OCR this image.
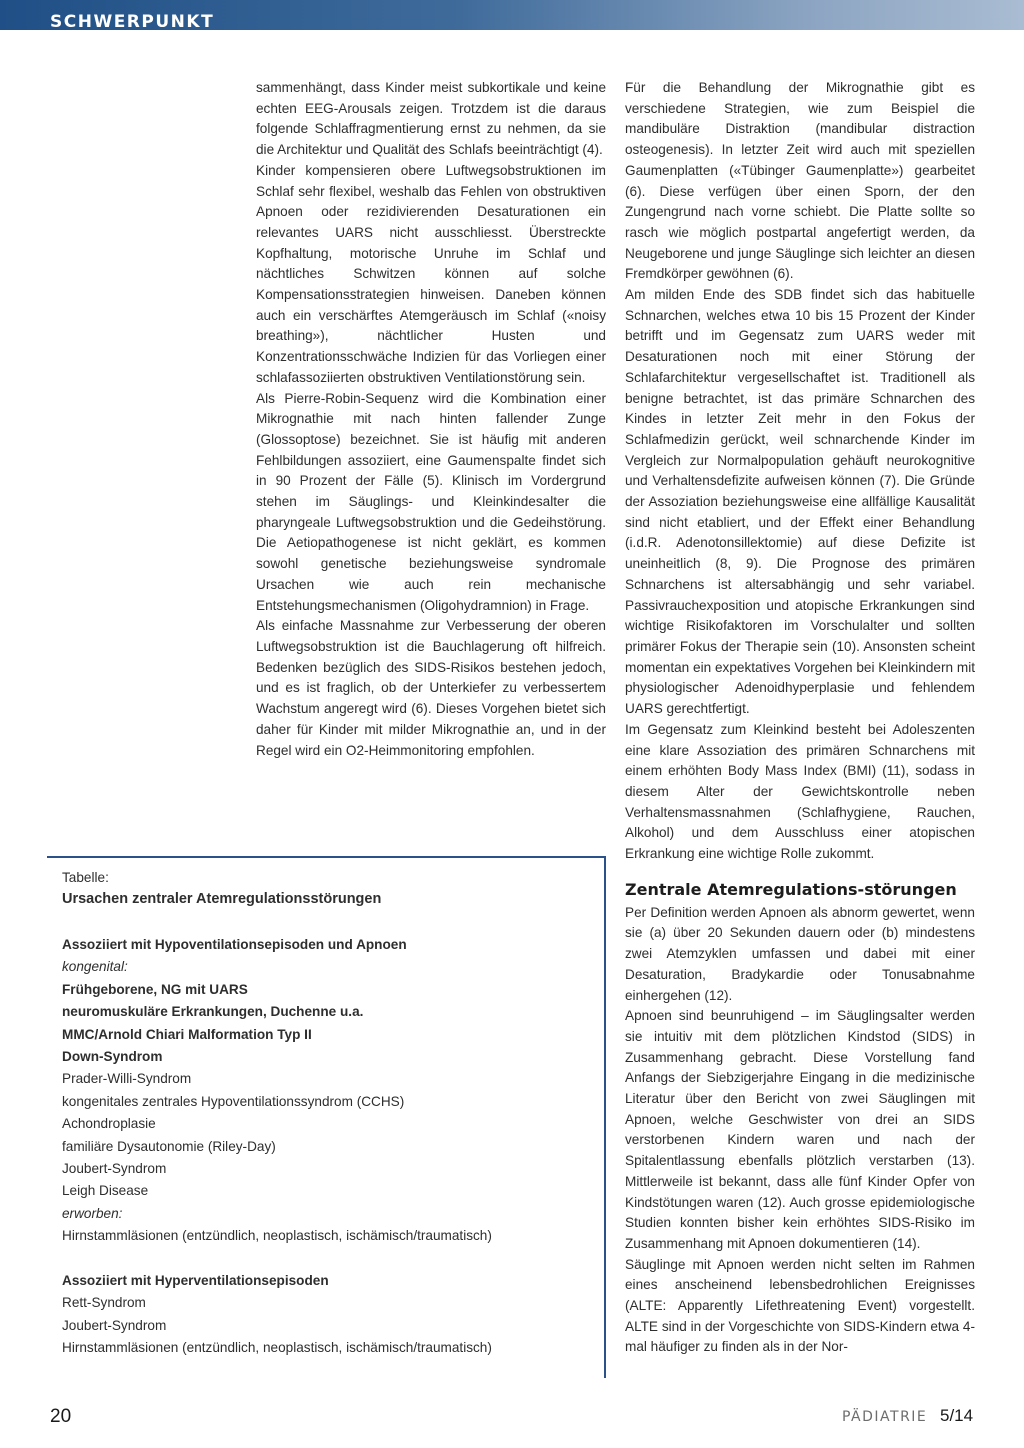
SCHWERPUNKT

sammenhängt, dass Kinder meist subkortikale und keine echten EEG-Arousals zeigen. Trotzdem ist die daraus folgende Schlaffragmentierung ernst zu nehmen, da sie die Architektur und Qualität des Schlafs beeinträchtigt (4).

Kinder kompensieren obere Luftwegsobstruktionen im Schlaf sehr flexibel, weshalb das Fehlen von obstruktiven Apnoen oder rezidivierenden Desaturationen ein relevantes UARS nicht ausschliesst. Überstreckte Kopfhaltung, motorische Unruhe im Schlaf und nächtliches Schwitzen können auf solche Kompensationsstrategien hinweisen. Daneben können auch ein verschärftes Atemgeräusch im Schlaf («noisy breathing»), nächtlicher Husten und Konzentrationsschwäche Indizien für das Vorliegen einer schlafassoziierten obstruktiven Ventilationstörung sein.

Als Pierre-Robin-Sequenz wird die Kombination einer Mikrognathie mit nach hinten fallender Zunge (Glossoptose) bezeichnet. Sie ist häufig mit anderen Fehlbildungen assoziiert, eine Gaumenspalte findet sich in 90 Prozent der Fälle (5). Klinisch im Vordergrund stehen im Säuglings- und Kleinkindesalter die pharyngeale Luftwegsobstruktion und die Gedeihstörung. Die Aetiopathogenese ist nicht geklärt, es kommen sowohl genetische beziehungsweise syndromale Ursachen wie auch rein mechanische Entstehungsmechanismen (Oligohydramnion) in Frage.

Als einfache Massnahme zur Verbesserung der oberen Luftwegsobstruktion ist die Bauchlagerung oft hilfreich. Bedenken bezüglich des SIDS-Risikos bestehen jedoch, und es ist fraglich, ob der Unterkiefer zu verbessertem Wachstum angeregt wird (6). Dieses Vorgehen bietet sich daher für Kinder mit milder Mikrognathie an, und in der Regel wird ein O2-Heimmonitoring empfohlen.

Für die Behandlung der Mikrognathie gibt es verschiedene Strategien, wie zum Beispiel die mandibuläre Distraktion (mandibular distraction osteogenesis). In letzter Zeit wird auch mit speziellen Gaumenplatten («Tübinger Gaumenplatte») gearbeitet (6). Diese verfügen über einen Sporn, der den Zungengrund nach vorne schiebt. Die Platte sollte so rasch wie möglich postpartal angefertigt werden, da Neugeborene und junge Säuglinge sich leichter an diesen Fremdkörper gewöhnen (6).

Am milden Ende des SDB findet sich das habituelle Schnarchen, welches etwa 10 bis 15 Prozent der Kinder betrifft und im Gegensatz zum UARS weder mit Desaturationen noch mit einer Störung der Schlafarchitektur vergesellschaftet ist. Traditionell als benigne betrachtet, ist das primäre Schnarchen des Kindes in letzter Zeit mehr in den Fokus der Schlafmedizin gerückt, weil schnarchende Kinder im Vergleich zur Normalpopulation gehäuft neurokognitive und Verhaltensdefizite aufweisen können (7). Die Gründe der Assoziation beziehungsweise eine allfällige Kausalität sind nicht etabliert, und der Effekt einer Behandlung (i.d.R. Adenotonsillektomie) auf diese Defizite ist uneinheitlich (8, 9). Die Prognose des primären Schnarchens ist altersabhängig und sehr variabel. Passivrauchexposition und atopische Erkrankungen sind wichtige Risikofaktoren im Vorschulalter und sollten primärer Fokus der Therapie sein (10). Ansonsten scheint momentan ein expektatives Vorgehen bei Kleinkindern mit physiologischer Adenoidhyperplasie und fehlendem UARS gerechtfertigt.

Im Gegensatz zum Kleinkind besteht bei Adoleszenten eine klare Assoziation des primären Schnarchens mit einem erhöhten Body Mass Index (BMI) (11), sodass in diesem Alter der Gewichtskontrolle neben Verhaltensmassnahmen (Schlafhygiene, Rauchen, Alkohol) und dem Ausschluss einer atopischen Erkrankung eine wichtige Rolle zukommt.

Zentrale Atemregulations-störungen

Per Definition werden Apnoen als abnorm gewertet, wenn sie (a) über 20 Sekunden dauern oder (b) mindestens zwei Atemzyklen umfassen und dabei mit einer Desaturation, Bradykardie oder Tonusabnahme einhergehen (12).

Apnoen sind beunruhigend – im Säuglingsalter werden sie intuitiv mit dem plötzlichen Kindstod (SIDS) in Zusammenhang gebracht. Diese Vorstellung fand Anfangs der Siebzigerjahre Eingang in die medizinische Literatur über den Bericht von zwei Säuglingen mit Apnoen, welche Geschwister von drei an SIDS verstorbenen Kindern waren und nach der Spitalentlassung ebenfalls plötzlich verstarben (13). Mittlerweile ist bekannt, dass alle fünf Kinder Opfer von Kindstötungen waren (12). Auch grosse epidemiologische Studien konnten bisher kein erhöhtes SIDS-Risiko im Zusammenhang mit Apnoen dokumentieren (14).

Säuglinge mit Apnoen werden nicht selten im Rahmen eines anscheinend lebensbedrohlichen Ereignisses (ALTE: Apparently Lifethreatening Event) vorgestellt. ALTE sind in der Vorgeschichte von SIDS-Kindern etwa 4-mal häufiger zu finden als in der Nor-

Tabelle:
Ursachen zentraler Atemregulationsstörungen
Assoziiert mit Hypoventilationsepisoden und Apnoen
kongenital:
Frühgeborene, NG mit UARS
neuromuskuläre Erkrankungen, Duchenne u.a.
MMC/Arnold Chiari Malformation Typ II
Down-Syndrom
Prader-Willi-Syndrom
kongenitales zentrales Hypoventilationssyndrom (CCHS)
Achondroplasie
familiäre Dysautonomie (Riley-Day)
Joubert-Syndrom
Leigh Disease
erworben:
Hirnstammläsionen (entzündlich, neoplastisch, ischämisch/traumatisch)
Assoziiert mit Hyperventilationsepisoden
Rett-Syndrom
Joubert-Syndrom
Hirnstammläsionen (entzündlich, neoplastisch, ischämisch/traumatisch)
20	PÄDIATRIE 5/14
